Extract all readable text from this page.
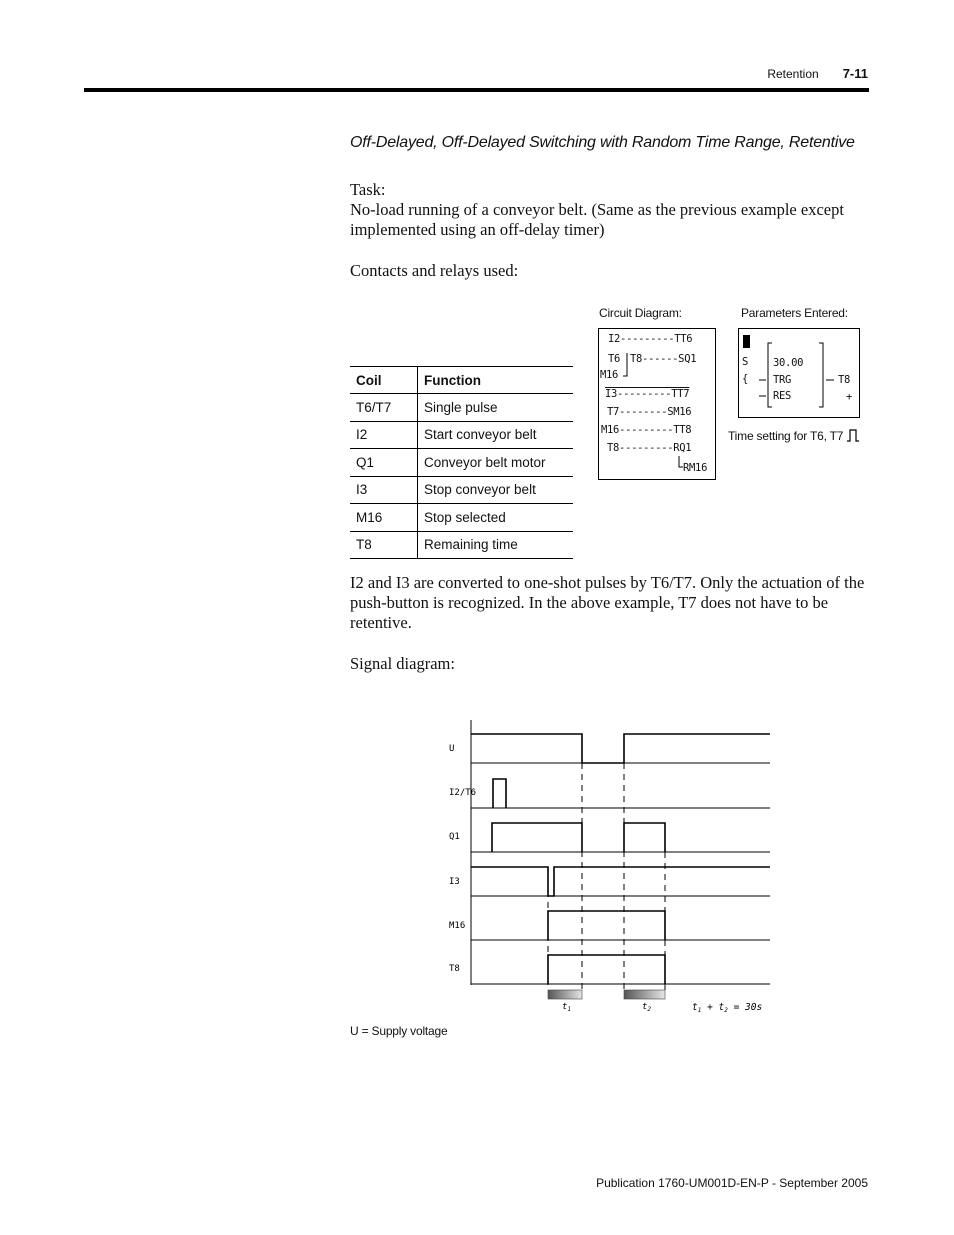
Retention 7-11
Off-Delayed, Off-Delayed Switching with Random Time Range, Retentive
Task:
No-load running of a conveyor belt. (Same as the previous example except implemented using an off-delay timer)
Contacts and relays used:
Coil	Function
T6/T7	Single pulse
I2	Start conveyor belt
Q1	Conveyor belt motor
I3	Stop conveyor belt
M16	Stop selected
T8	Remaining time
Circuit Diagram:
I2---------TT6
T6 T8------SQ1
M16
I3---------TT7
T7--------SM16
M16---------TT8
T8---------RQ1
RM16
Parameters Entered:
S
{
30.00
TRG
RES
T8
+
Time setting for T6, T7
I2 and I3 are converted to one-shot pulses by T6/T7. Only the actuation of the push-button is recognized. In the above example, T7 does not have to be retentive.
Signal diagram:
U
I2/T6
Q1
I3
M16
T8
$t_1$	$t_2$	$t_1 + t_2 = 30s$
U = Supply voltage
Publication 1760-UM001D-EN-P - September 2005
